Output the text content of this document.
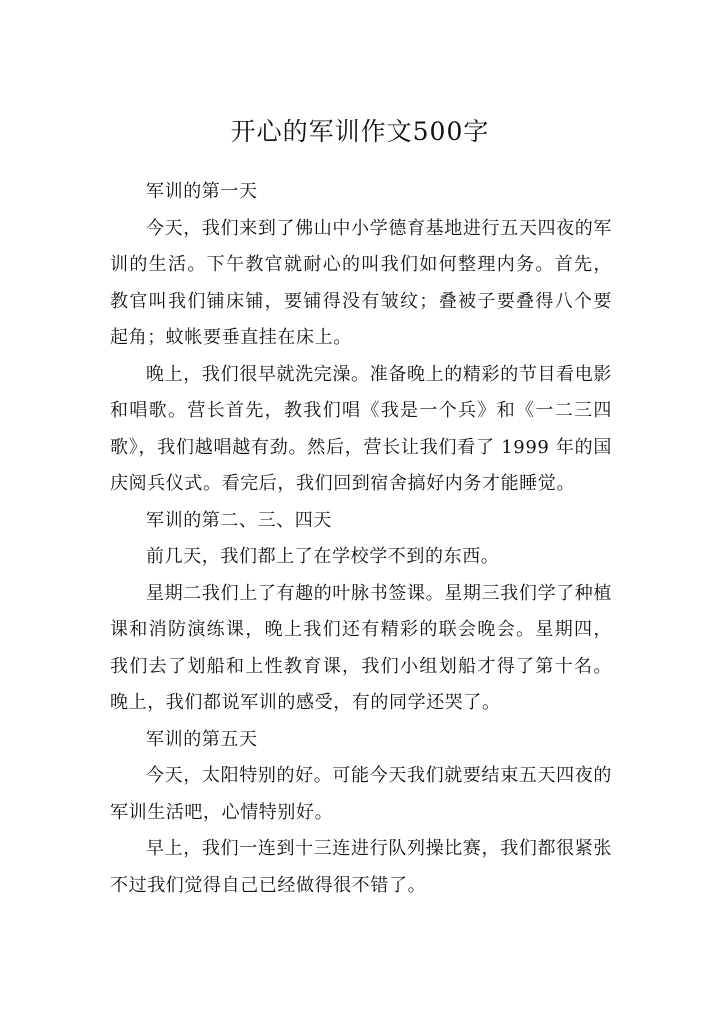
开心的军训作文500字

军训的第一天

今天，我们来到了佛山中小学德育基地进行五天四夜的军训的生活。下午教官就耐心的叫我们如何整理内务。首先，教官叫我们铺床铺，要铺得没有皱纹；叠被子要叠得八个要起角；蚊帐要垂直挂在床上。

晚上，我们很早就洗完澡。准备晚上的精彩的节目看电影和唱歌。营长首先，教我们唱《我是一个兵》和《一二三四歌》，我们越唱越有劲。然后，营长让我们看了 1999 年的国庆阅兵仪式。看完后，我们回到宿舍搞好内务才能睡觉。

军训的第二、三、四天

前几天，我们都上了在学校学不到的东西。

星期二我们上了有趣的叶脉书签课。星期三我们学了种植课和消防演练课，晚上我们还有精彩的联会晚会。星期四，我们去了划船和上性教育课，我们小组划船才得了第十名。晚上，我们都说军训的感受，有的同学还哭了。

军训的第五天

今天，太阳特别的好。可能今天我们就要结束五天四夜的军训生活吧，心情特别好。

早上，我们一连到十三连进行队列操比赛，我们都很紧张不过我们觉得自己已经做得很不错了。
